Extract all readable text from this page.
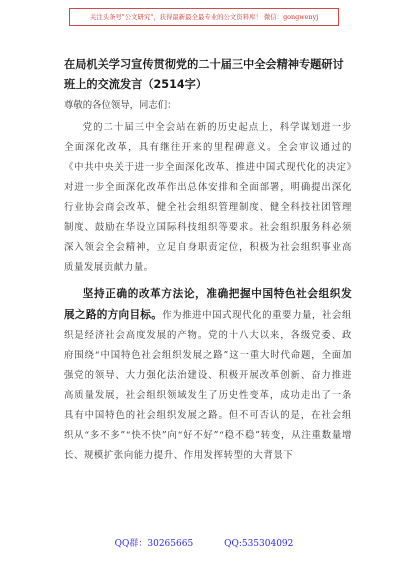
关注头条号"公文研究"，获得最新最全最专业的公文资料库！ 微信：gongwenyj
在局机关学习宣传贯彻党的二十届三中全会精神专题研讨班上的交流发言（2514字）

尊敬的各位领导，同志们：

党的二十届三中全会站在新的历史起点上，科学谋划进一步全面深化改革，具有继往开来的里程碑意义。全会审议通过的《中共中央关于进一步全面深化改革、推进中国式现代化的决定》对进一步全面深化改革作出总体安排和全面部署，明确提出深化行业协会商会改革、健全社会组织管理制度、健全科技社团管理制度、鼓励在华设立国际科技组织等要求。社会组织服务科必须深入领会全会精神，立足自身职责定位，积极为社会组织事业高质量发展贡献力量。

坚持正确的改革方法论，准确把握中国特色社会组织发展之路的方向目标。作为推进中国式现代化的重要力量，社会组织是经济社会高度发展的产物。党的十八大以来，各级党委、政府围绕“中国特色社会组织发展之路”这一重大时代命题，全面加强党的领导、大力强化法治建设、积极开展改革创新、奋力推进高质量发展，社会组织领域发生了历史性变革，成功走出了一条具有中国特色的社会组织发展之路。但不可否认的是，在社会组织从“多不多”“快不快”向“好不好”“稳不稳”转变，从注重数量增长、规模扩张向能力提升、作用发挥转型的大背景下

QQ群：30265665	QQ:535304092
